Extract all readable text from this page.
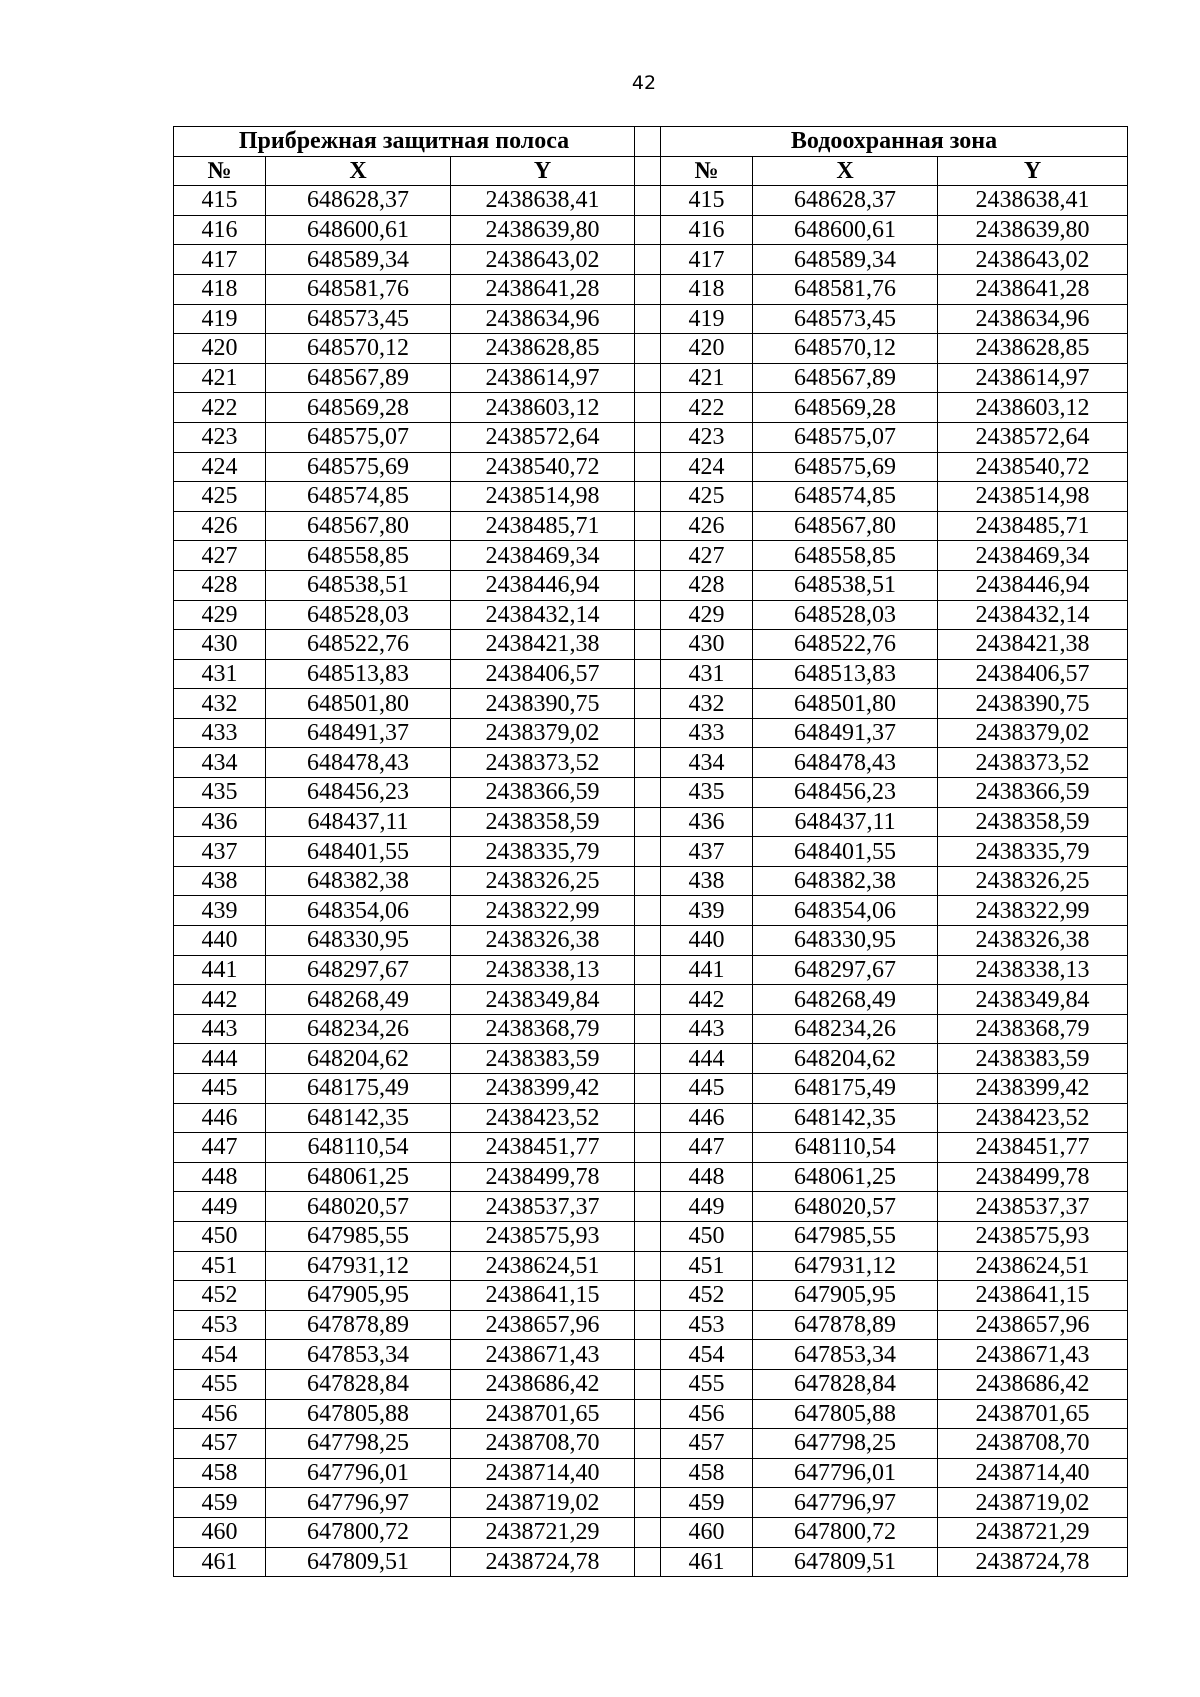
42
Прибрежная защитная полоса				Водоохранная зона		
№	X	Y		№	X	Y
415	648628,37	2438638,41		415	648628,37	2438638,41
416	648600,61	2438639,80		416	648600,61	2438639,80
417	648589,34	2438643,02		417	648589,34	2438643,02
418	648581,76	2438641,28		418	648581,76	2438641,28
419	648573,45	2438634,96		419	648573,45	2438634,96
420	648570,12	2438628,85		420	648570,12	2438628,85
421	648567,89	2438614,97		421	648567,89	2438614,97
422	648569,28	2438603,12		422	648569,28	2438603,12
423	648575,07	2438572,64		423	648575,07	2438572,64
424	648575,69	2438540,72		424	648575,69	2438540,72
425	648574,85	2438514,98		425	648574,85	2438514,98
426	648567,80	2438485,71		426	648567,80	2438485,71
427	648558,85	2438469,34		427	648558,85	2438469,34
428	648538,51	2438446,94		428	648538,51	2438446,94
429	648528,03	2438432,14		429	648528,03	2438432,14
430	648522,76	2438421,38		430	648522,76	2438421,38
431	648513,83	2438406,57		431	648513,83	2438406,57
432	648501,80	2438390,75		432	648501,80	2438390,75
433	648491,37	2438379,02		433	648491,37	2438379,02
434	648478,43	2438373,52		434	648478,43	2438373,52
435	648456,23	2438366,59		435	648456,23	2438366,59
436	648437,11	2438358,59		436	648437,11	2438358,59
437	648401,55	2438335,79		437	648401,55	2438335,79
438	648382,38	2438326,25		438	648382,38	2438326,25
439	648354,06	2438322,99		439	648354,06	2438322,99
440	648330,95	2438326,38		440	648330,95	2438326,38
441	648297,67	2438338,13		441	648297,67	2438338,13
442	648268,49	2438349,84		442	648268,49	2438349,84
443	648234,26	2438368,79		443	648234,26	2438368,79
444	648204,62	2438383,59		444	648204,62	2438383,59
445	648175,49	2438399,42		445	648175,49	2438399,42
446	648142,35	2438423,52		446	648142,35	2438423,52
447	648110,54	2438451,77		447	648110,54	2438451,77
448	648061,25	2438499,78		448	648061,25	2438499,78
449	648020,57	2438537,37		449	648020,57	2438537,37
450	647985,55	2438575,93		450	647985,55	2438575,93
451	647931,12	2438624,51		451	647931,12	2438624,51
452	647905,95	2438641,15		452	647905,95	2438641,15
453	647878,89	2438657,96		453	647878,89	2438657,96
454	647853,34	2438671,43		454	647853,34	2438671,43
455	647828,84	2438686,42		455	647828,84	2438686,42
456	647805,88	2438701,65		456	647805,88	2438701,65
457	647798,25	2438708,70		457	647798,25	2438708,70
458	647796,01	2438714,40		458	647796,01	2438714,40
459	647796,97	2438719,02		459	647796,97	2438719,02
460	647800,72	2438721,29		460	647800,72	2438721,29
461	647809,51	2438724,78		461	647809,51	2438724,78
